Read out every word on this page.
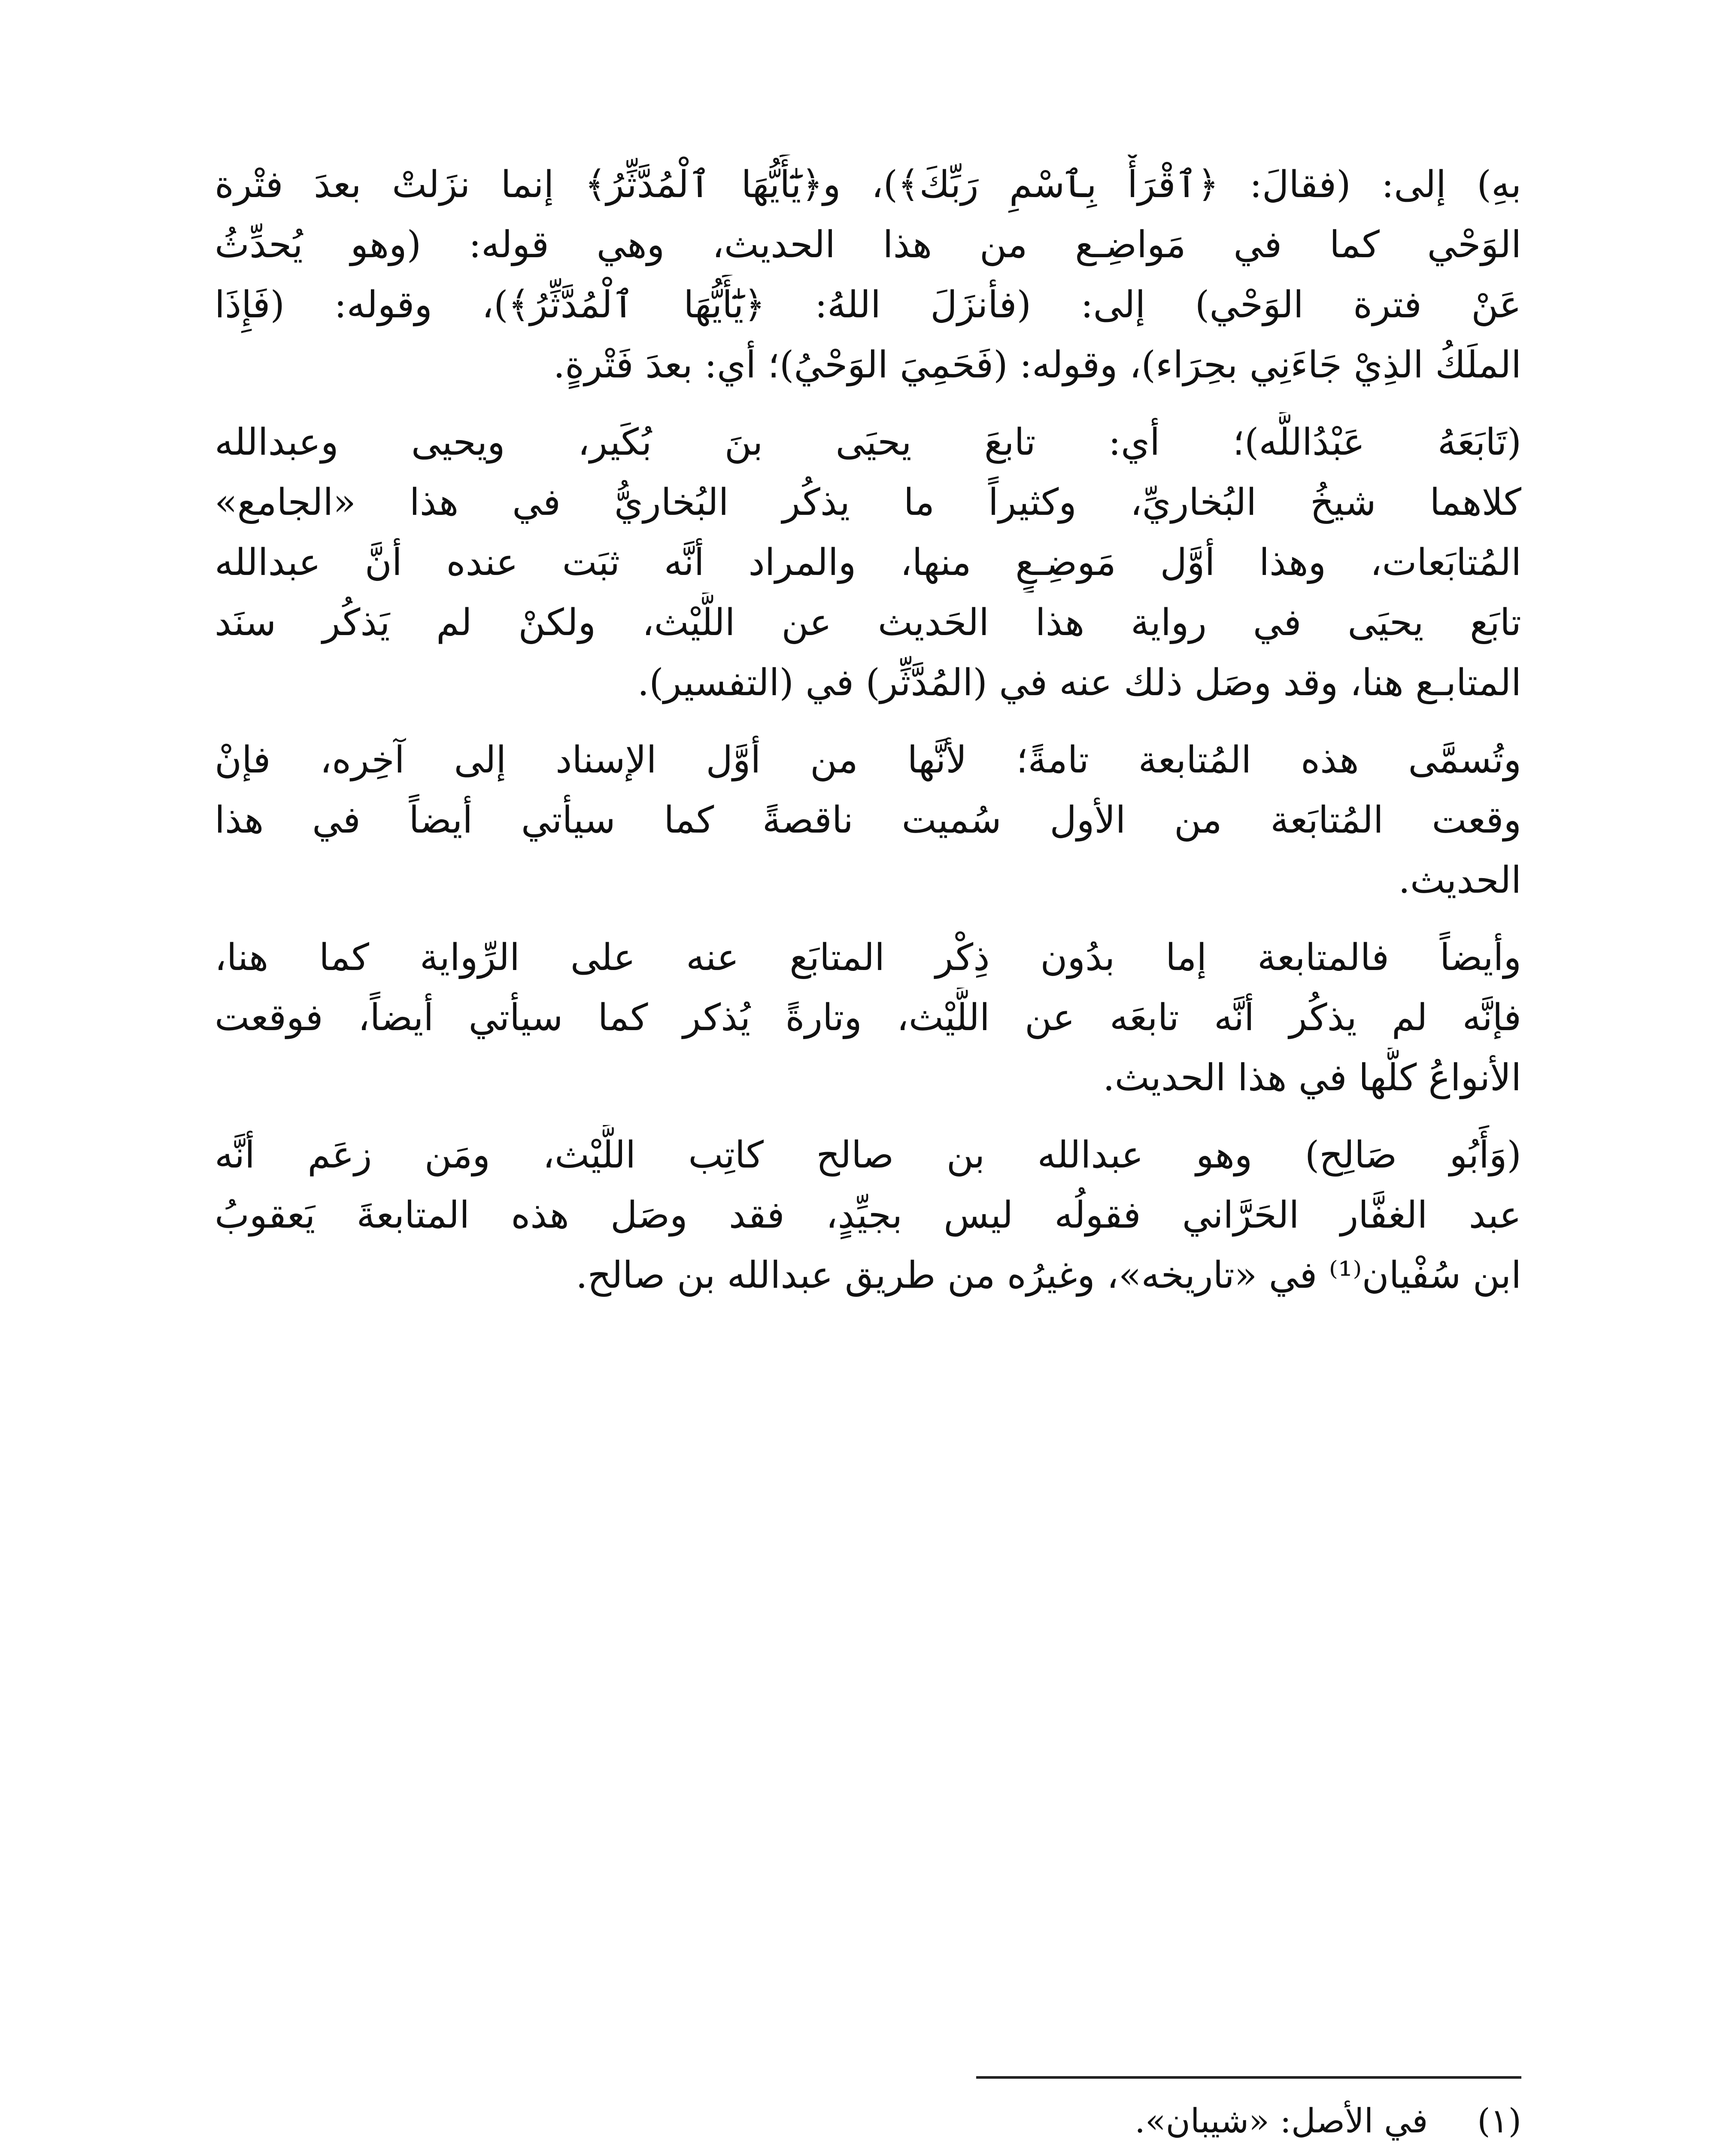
بهِ) إلى: (فقالَ: ﴿ٱقْرَأْ بِٱسْمِ رَبِّكَ﴾)، و﴿يَٰٓأَيُّهَا ٱلْمُدَّثِّرُ﴾ إنما نزَلتْ بعدَ فتْرة
الوَحْي كما في مَواضِـع من هذا الحديث، وهي قوله: (وهو يُحدِّثُ
عَنْ فترة الوَحْي) إلى: (فأنزَلَ اللهُ: ﴿يَٰٓأَيُّهَا ٱلْمُدَّثِّرُ﴾)، وقوله: (فَإِذَا
الملَكُ الذِيْ جَاءَنِي بحِرَاء)، وقوله: (فَحَمِيَ الوَحْيُ)؛ أي: بعدَ فَتْرةٍ.
(تَابَعَهُ عَبْدُاللَّه)؛ أي: تابعَ يحيَى بنَ بُكَير، ويحيى وعبدالله
كلاهما شيخُ البُخاريِّ، وكثيراً ما يذكُر البُخاريُّ في هذا «الجامع»
المُتابَعات، وهذا أوَّل مَوضِـعٍ منها، والمراد أنَّه ثبَت عنده أنَّ عبدالله
تابَع يحيَى في رواية هذا الحَديث عن اللَّيْث، ولكنْ لم يَذكُر سنَد
المتابـع هنا، وقد وصَل ذلك عنه في (المُدَّثِّر) في (التفسير).
وتُسمَّى هذه المُتابعة تامةً؛ لأنَّها من أوَّل الإسناد إلى آخِره، فإنْ
وقعت المُتابَعة من الأول سُميت ناقصةً كما سيأتي أيضاً في هذا
الحديث.
وأيضاً فالمتابعة إما بدُون ذِكْر المتابَع عنه على الرِّواية كما هنا،
فإنَّه لم يذكُر أنَّه تابعَه عن اللَّيْث، وتارةً يُذكر كما سيأتي أيضاً، فوقعت
الأنواعُ كلُّها في هذا الحديث.
(وَأَبُو صَالِح) وهو عبدالله بن صالح كاتِب اللَّيْث، ومَن زعَم أنَّه
عبد الغفَّار الحَرَّاني فقولُه ليس بجيِّدٍ، فقد وصَل هذه المتابعةَ يَعقوبُ
ابن سُفْيان⁽¹⁾ في «تاريخه»، وغيرُه من طريق عبدالله بن صالح.
(١) في الأصل: «شيبان».
